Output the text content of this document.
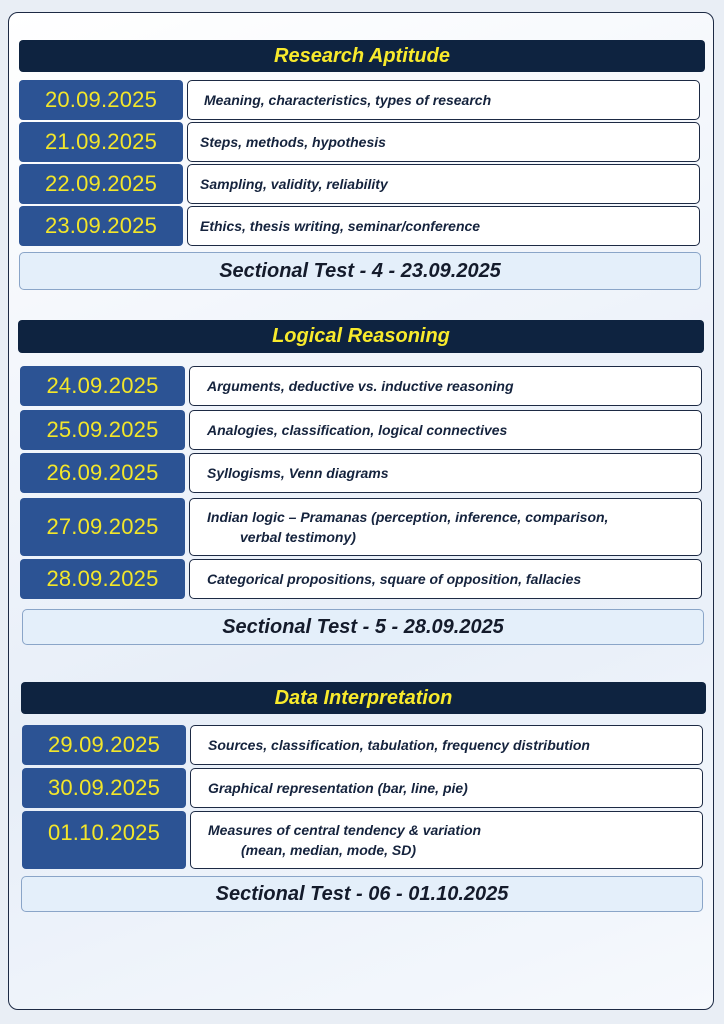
Research Aptitude
20.09.2025	Meaning, characteristics, types of research
21.09.2025	Steps, methods, hypothesis
22.09.2025	Sampling, validity, reliability
23.09.2025	Ethics, thesis writing, seminar/conference
Sectional Test - 4 - 23.09.2025
Logical Reasoning
24.09.2025	Arguments, deductive vs. inductive reasoning
25.09.2025	Analogies, classification, logical connectives
26.09.2025	Syllogisms, Venn diagrams
27.09.2025	Indian logic – Pramanas (perception, inference, comparison,
verbal testimony)
28.09.2025	Categorical propositions, square of opposition, fallacies
Sectional Test - 5 - 28.09.2025
Data Interpretation
29.09.2025	Sources, classification, tabulation, frequency distribution
30.09.2025	Graphical representation (bar, line, pie)
01.10.2025	Measures of central tendency & variation
(mean, median, mode, SD)
Sectional Test - 06 - 01.10.2025
